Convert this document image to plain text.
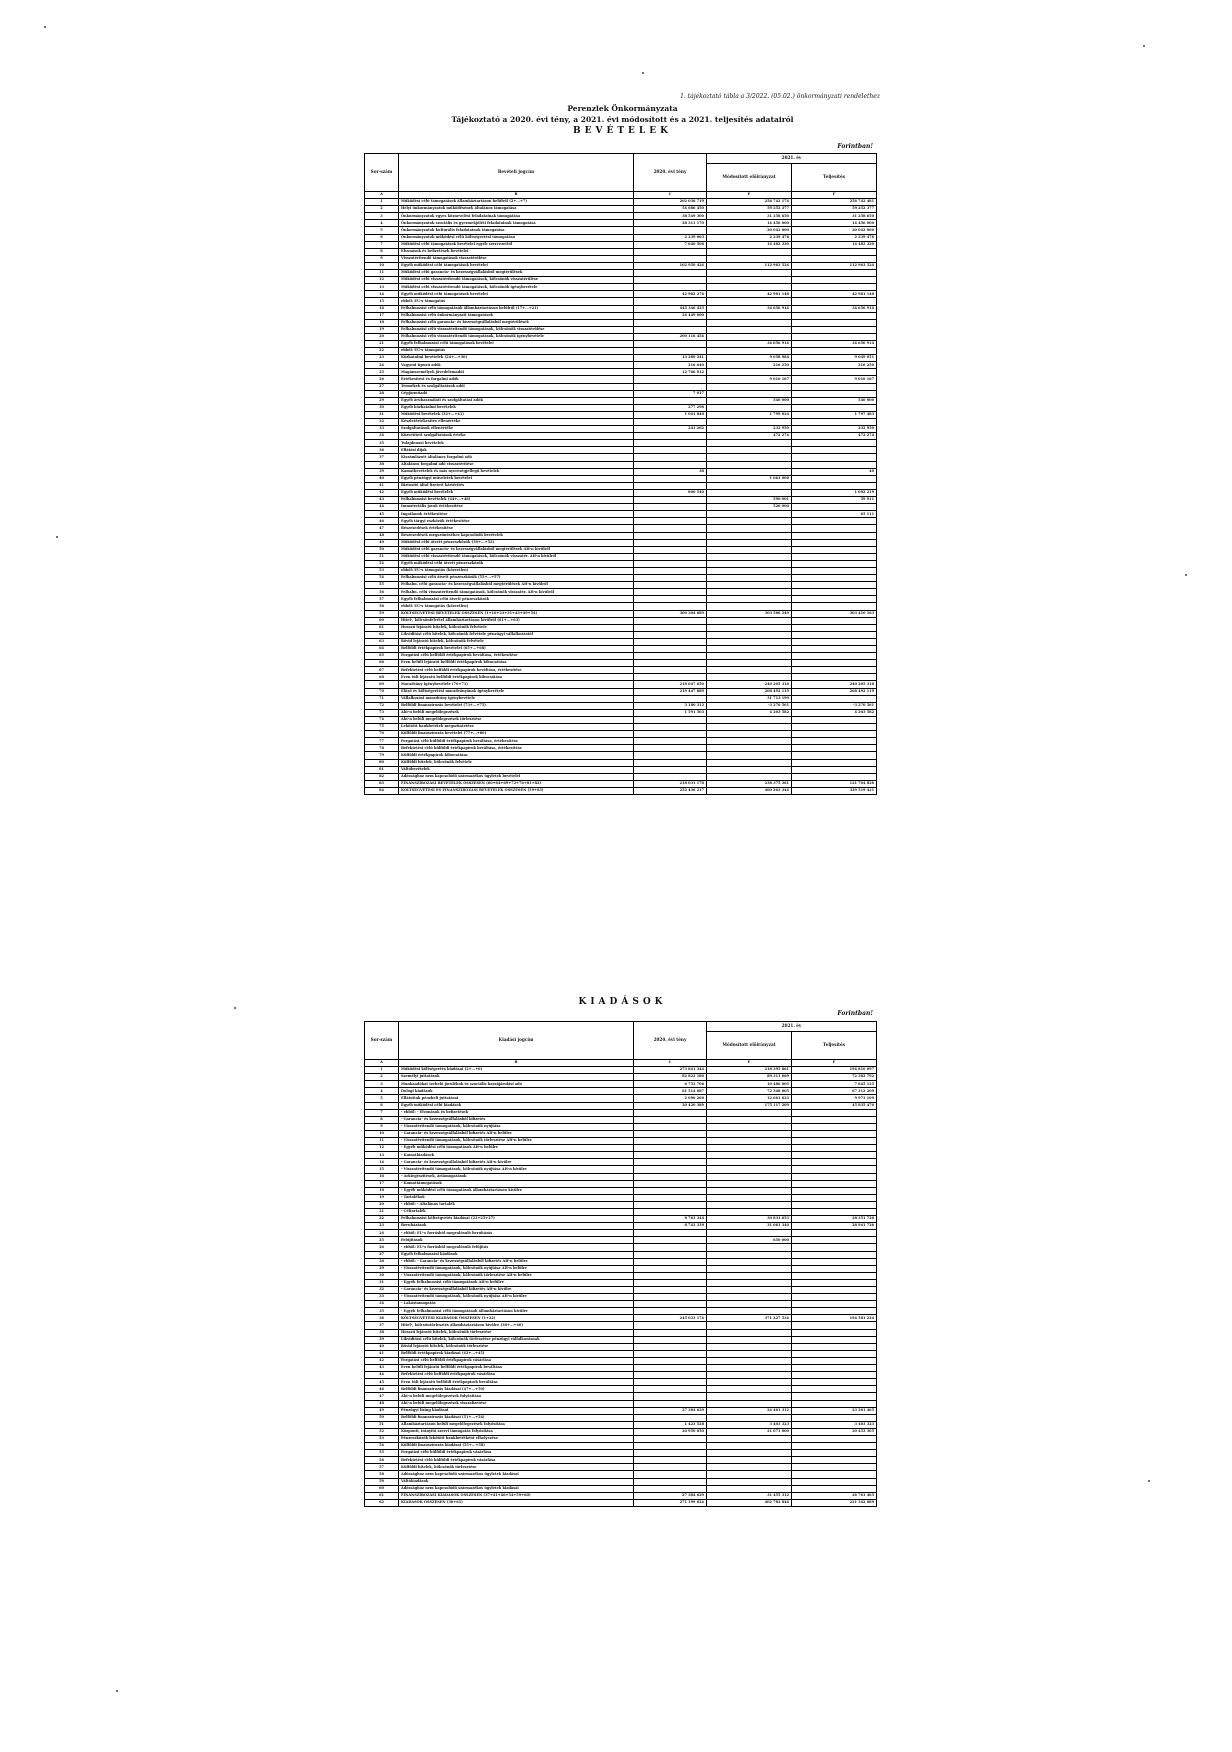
1. tájékoztató tábla a 3/2022. (05.02.) önkormányzati rendelethez
Perenzlek Önkormányzata
Tájékoztató a 2020. évi tény, a 2021. évi módosított és a 2021. teljesítés adatairól
BEVÉTELEK
Forintban!
Sor-szám	Bevételi jogcím	2020. évi tény	2021. év	
			Módosított előirányzat	Teljesítés
A	B	C	E	F
1	Működési célú támogatások államháztartáson belülről (2+...+7)	202 036 719	256 742 174	256 742 481
2	Helyi önkormányzatok működésének általános támogatása	54 686 450	59 252 377	59 252 377
3	Önkormányzatok egyes köznevelési feladatainak támogatása	38 549 300	31 258 650	31 258 650
4	Önkormányzatok szociális és gyermekjóléti feladatainak támogatása	28 311 170	14 456 000	14 456 000
5	Önkormányzatok kulturális feladatainak támogatása		20 042 000	20 042 000
6	Önkormányzatok működési célú költségvetési támogatása	2 239 003	2 239 476	2 239 476
7	Működési célú támogatások bevételei egyéb szervezettől	7 640 506	14 482 320	14 482 320
8	Elvonások és befizetések bevételei			
9	Visszatérítendő támogatások visszatérülése			
10	Egyéb működési célú támogatások bevételei	102 950 424	112 963 524	112 963 524
11	Működési célú garancia- és kezességvállalásból megtérülések			
12	Működési célú visszatérítendő támogatások, kölcsönök visszatérülése			
13	Működési célú visszatérítendő támogatások, kölcsönök igénybevétele			
14	Egyéb működési célú támogatások bevételei	42 982 276	42 981 148	42 981 148
15	ebből: EU-s támogatás			
16	Felhalmozási célú támogatások államháztartáson belülről (17+...+21)	445 346 425	34 656 914	34 656 914
17	Felhalmozási célú önkormányzati támogatások	24 449 000		
18	Felhalmozási célú garancia- és kezességvállalásból megtérülések			
19	Felhalmozási célú visszatérítendő támogatások, kölcsönök visszatérülése			
20	Felhalmozási célú visszatérítendő támogatások, kölcsönök igénybevétele	200 116 454		
21	Egyéb felhalmozási célú támogatások bevételei		34 656 914	34 656 914
22	ebből: EU-s támogatás			
23	Közhatalmi bevételek (24+...+30)	13 280 241	9 058 984	9 049 051
24	Vagyoni típusú adók	216 640	216 250	216 250
25	Magánszemélyek jövedelemadói	12 766 012		
26	Értékesítési és forgalmi adók		9 010 167	9 010 167
27	Termékek és szolgáltatások adói			
28	Gépjárműadó	7 017		
29	Egyéb áruhasználati és szolgáltatási adók		540 000	540 000
30	Egyéb közhatalmi bevételek	277 298		
31	Működési bevételek (32+...+41)	1 041 840	1 799 024	1 797 483
32	Készletértékesítés ellenértéke			
33	Szolgáltatások ellenértéke	241 262	232 950	232 950
34	Közvetített szolgáltatások értéke		472 274	472 274
35	Tulajdonosi bevételek			
36	Ellátási díjak			
37	Kiszámlázott általános forgalmi adó			
38	Általános forgalmi adó visszatérítése			
39	Kamatbevételek és más nyereségjellegű bevételek	38		40
40	Egyéb pénzügyi műveletek bevételei		1 063 000	
41	Biztosító által fizetett kártérítés			
42	Egyéb működési bevételek	800 540		1 092 219
43	Felhalmozási bevételek (44+...+48)		590 001	59 911
44	Immateriális javak értékesítése		526 000	
45	Ingatlanok értékesítése			65 111
46	Egyéb tárgyi eszközök értékesítése			
47	Részesedések értékesítése			
48	Részesedések megszűnéséhez kapcsolódó bevételek			
49	Működési célú átvett pénzeszközök (50+...+52)			
50	Működési célú garancia- és kezességvállalásból megtérülések ÁH-n kívülről			
51	Működési célú visszatérítendő támogatások, kölcsönök visszatér. ÁH-n kívülről			
52	Egyéb működési célú átvett pénzeszközök			
53	ebből: EU-s támogatás (közvetlen)			
54	Felhalmozási célú átvett pénzeszközök (55+...+57)			
55	Felhalm. célú garancia- és kezességvállalásból megtérülések ÁH-n kívülről			
56	Felhalm. célú visszatérítendő támogatások, kölcsönök visszatér. ÁH-n kívülről			
57	Egyéb felhalmozási célú átvett pénzeszközök			
58	ebből: EU-s támogatás (közvetlen)			
59	KÖLTSÉGVETÉSI BEVÉTELEK ÖSSZESEN (1+16+23+31+43+49+54)	300 304 689	303 586 249	303 410 163
60	Hitel-, kölcsönfelvétel államháztartáson kívülről (61+...+63)			
61	Hosszú lejáratú hitelek, kölcsönök felvétele			
62	Likviditási célú hitelek, kölcsönök felvétele pénzügyi vállalkozástól			
63	Rövid lejáratú hitelek, kölcsönök felvétele			
64	Belföldi értékpapírok bevételei (65+...+68)			
65	Forgatási célú belföldi értékpapírok beváltása, értékesítése			
66	Éven belüli lejáratú belföldi értékpapírok kibocsátása			
67	Befektetési célú belföldi értékpapírok beváltása, értékesítése			
68	Éven túli lejáratú belföldi értékpapírok kibocsátása			
69	Maradvány igénybevétele (70+71)	218 047 650	240 205 318	240 205 318
70	Előző év költségvetési maradványának igénybevétele	219 447 889	208 492 119	208 492 119
71	Vállalkozási maradvány igénybevétele		31 713 199	
72	Belföldi finanszírozás bevételei (73+...+75)	3 180 312	-3 270 561	-3 270 561
73	Áht-n belüli megelőlegezések	1 591 503	4 203 582	4 203 582
74	Áht-n belüli megelőlegezések törlesztése			
75	Lekötött bankbetétek megszüntetése			
76	Külföldi finanszírozás bevételei (77+...+80)			
77	Forgatási célú külföldi értékpapírok beváltása, értékesítése			
78	Befektetési célú külföldi értékpapírok beváltása, értékesítése			
79	Külföldi értékpapírok kibocsátása			
80	Külföldi hitelek, kölcsönök felvétele			
81	Váltóbevételek			
82	Adóssághoz nem kapcsolódó származékos ügyletek bevételei			
83	FINANSZÍROZÁSI BEVÉTELEK ÖSSZESEN (60+64+69+72+76+81+82)	218 031 178	238 375 361	121 704 826
84	KÖLTSÉGVETÉSI ÉS FINANSZÍROZÁSI BEVÉTELEK ÖSSZESEN (59+83)	252 436 217	460 263 344	329 519 421
KIADÁSOK
Forintban!
Sor-szám	Kiadási jogcím	2020. évi tény	2021. év	
			Módosított előirányzat	Teljesítés
A	B	C	E	F
1	Működési költségvetés kiadásai (2+...+6)	273 841 344	218 395 861	194 810 097
2	Személyi juttatások	82 822 180	89 311 669	72 382 792
3	Munkaadókat terhelő járulékok és szociális hozzájárulási adó	6 753 706	10 486 005	7 645 125
4	Dologi kiadások	61 514 087	72 348 005	67 312 209
5	Ellátottak pénzbeli juttatásai	2 096 260	12 661 623	9 973 109
6	Egyéb működési célú kiadások	20 420 389	175 117 209	45 835 470
7	- ebből: - Elvonások és befizetések			
8	- Garancia- és kezességvállalásból kifizetés			
9	- Visszatérítendő támogatások, kölcsönök nyújtása			
10	- Garancia- és kezességvállalásból kifizetés ÁH-n belülre			
11	- Visszatérítendő támogatások, kölcsönök törlesztése ÁH-n belülre			
12	- Egyéb működési célú támogatások ÁH-n belülre			
13	- Kamatkiadások			
14	- Garancia- és kezességvállalásból kifizetés ÁH-n kívülre			
15	- Visszatérítendő támogatások, kölcsönök nyújtása ÁH-n kívülre			
16	- Árkiegészítések, ártámogatások			
17	- Kamattámogatások			
18	- Egyéb működési célú támogatások államháztartáson kívülre			
19	- Tartalékok			
20	- ebből: - Általános tartalék			
21	- Céltartalék			
22	Felhalmozási költségvetés kiadásai (23+25+27)	8 763 344	30 831 653	28 351 726
23	Beruházások	8 743 339	31 061 340	28 941 726
24	- ebből: EU-s forrásból megvalósuló beruházás			
25	Felújítások		650 000	
26	- ebből: EU-s forrásból megvalósuló felújítás			
27	Egyéb felhalmozási kiadások			
28	- ebből: - Garancia- és kezességvállalásból kifizetés ÁH-n belülre			
29	- Visszatérítendő támogatások, kölcsönök nyújtása ÁH-n belülre			
30	- Visszatérítendő támogatások, kölcsönök törlesztése ÁH-n belülre			
31	- Egyéb felhalmozási célú támogatások ÁH-n belülre			
32	- Garancia- és kezességvállalásból kifizetés ÁH-n kívülre			
33	- Visszatérítendő támogatások, kölcsönök nyújtása ÁH-n kívülre			
34	- Lakástámogatás			
35	- Egyéb felhalmozási célú támogatások államháztartáson kívülre			
36	KÖLTSÉGVETÉSI KIADÁSOK ÖSSZESEN (1+22)	245 033 174	371 227 534	194 581 224
37	Hitel-, kölcsöntörlesztés államháztartáson kívülre (38+...+40)			
38	Hosszú lejáratú hitelek, kölcsönök törlesztése			
39	Likviditási célú hitelek, kölcsönök törlesztése pénzügyi vállalkozásnak			
40	Rövid lejáratú hitelek, kölcsönök törlesztése			
41	Belföldi értékpapírok kiadásai (42+...+45)			
42	Forgatási célú belföldi értékpapírok vásárlása			
43	Éven belüli lejáratú belföldi értékpapírok beváltása			
44	Befektetési célú belföldi értékpapírok vásárlása			
45	Éven túli lejáratú belföldi értékpapírok beváltása			
46	Belföldi finanszírozás kiadásai (47+...+50)			
47	Áht-n belüli megelőlegezések folyósítása			
48	Áht-n belüli megelőlegezések visszafizetése			
49	Pénzügyi lízing kiadásai	27 384 629	24 461 312	23 261 465
50	Belföldi finanszírozás kiadásai (51+...+54)			
51	Államháztartáson belüli megelőlegezések folyósítása	1 423 528	3 403 323	3 403 323
52	Központi, irányító szervi támogatás folyósítása	20 950 050	21 071 000	20 453 305
53	Pénzeszközök lekötött bankbetétként elhelyezése			
54	Külföldi finanszírozás kiadásai (55+...+58)			
55	Forgatási célú külföldi értékpapírok vásárlása			
56	Befektetési célú külföldi értékpapírok vásárlása			
57	Külföldi hitelek, kölcsönök törlesztése			
58	Adóssághoz nem kapcsolódó származékos ügyletek kiadásai			
59	Váltókiadások			
60	Adóssághoz nem kapcsolódó származékos ügyletek kiadásai			
61	FINANSZÍROZÁSI KIADÁSOK ÖSSZESEN (37+41+46+54+59+60)	27 384 629	31 455 312	26 761 465
62	KIADÁSOK ÖSSZESEN (36+61)	271 199 624	402 782 846	221 342 689
